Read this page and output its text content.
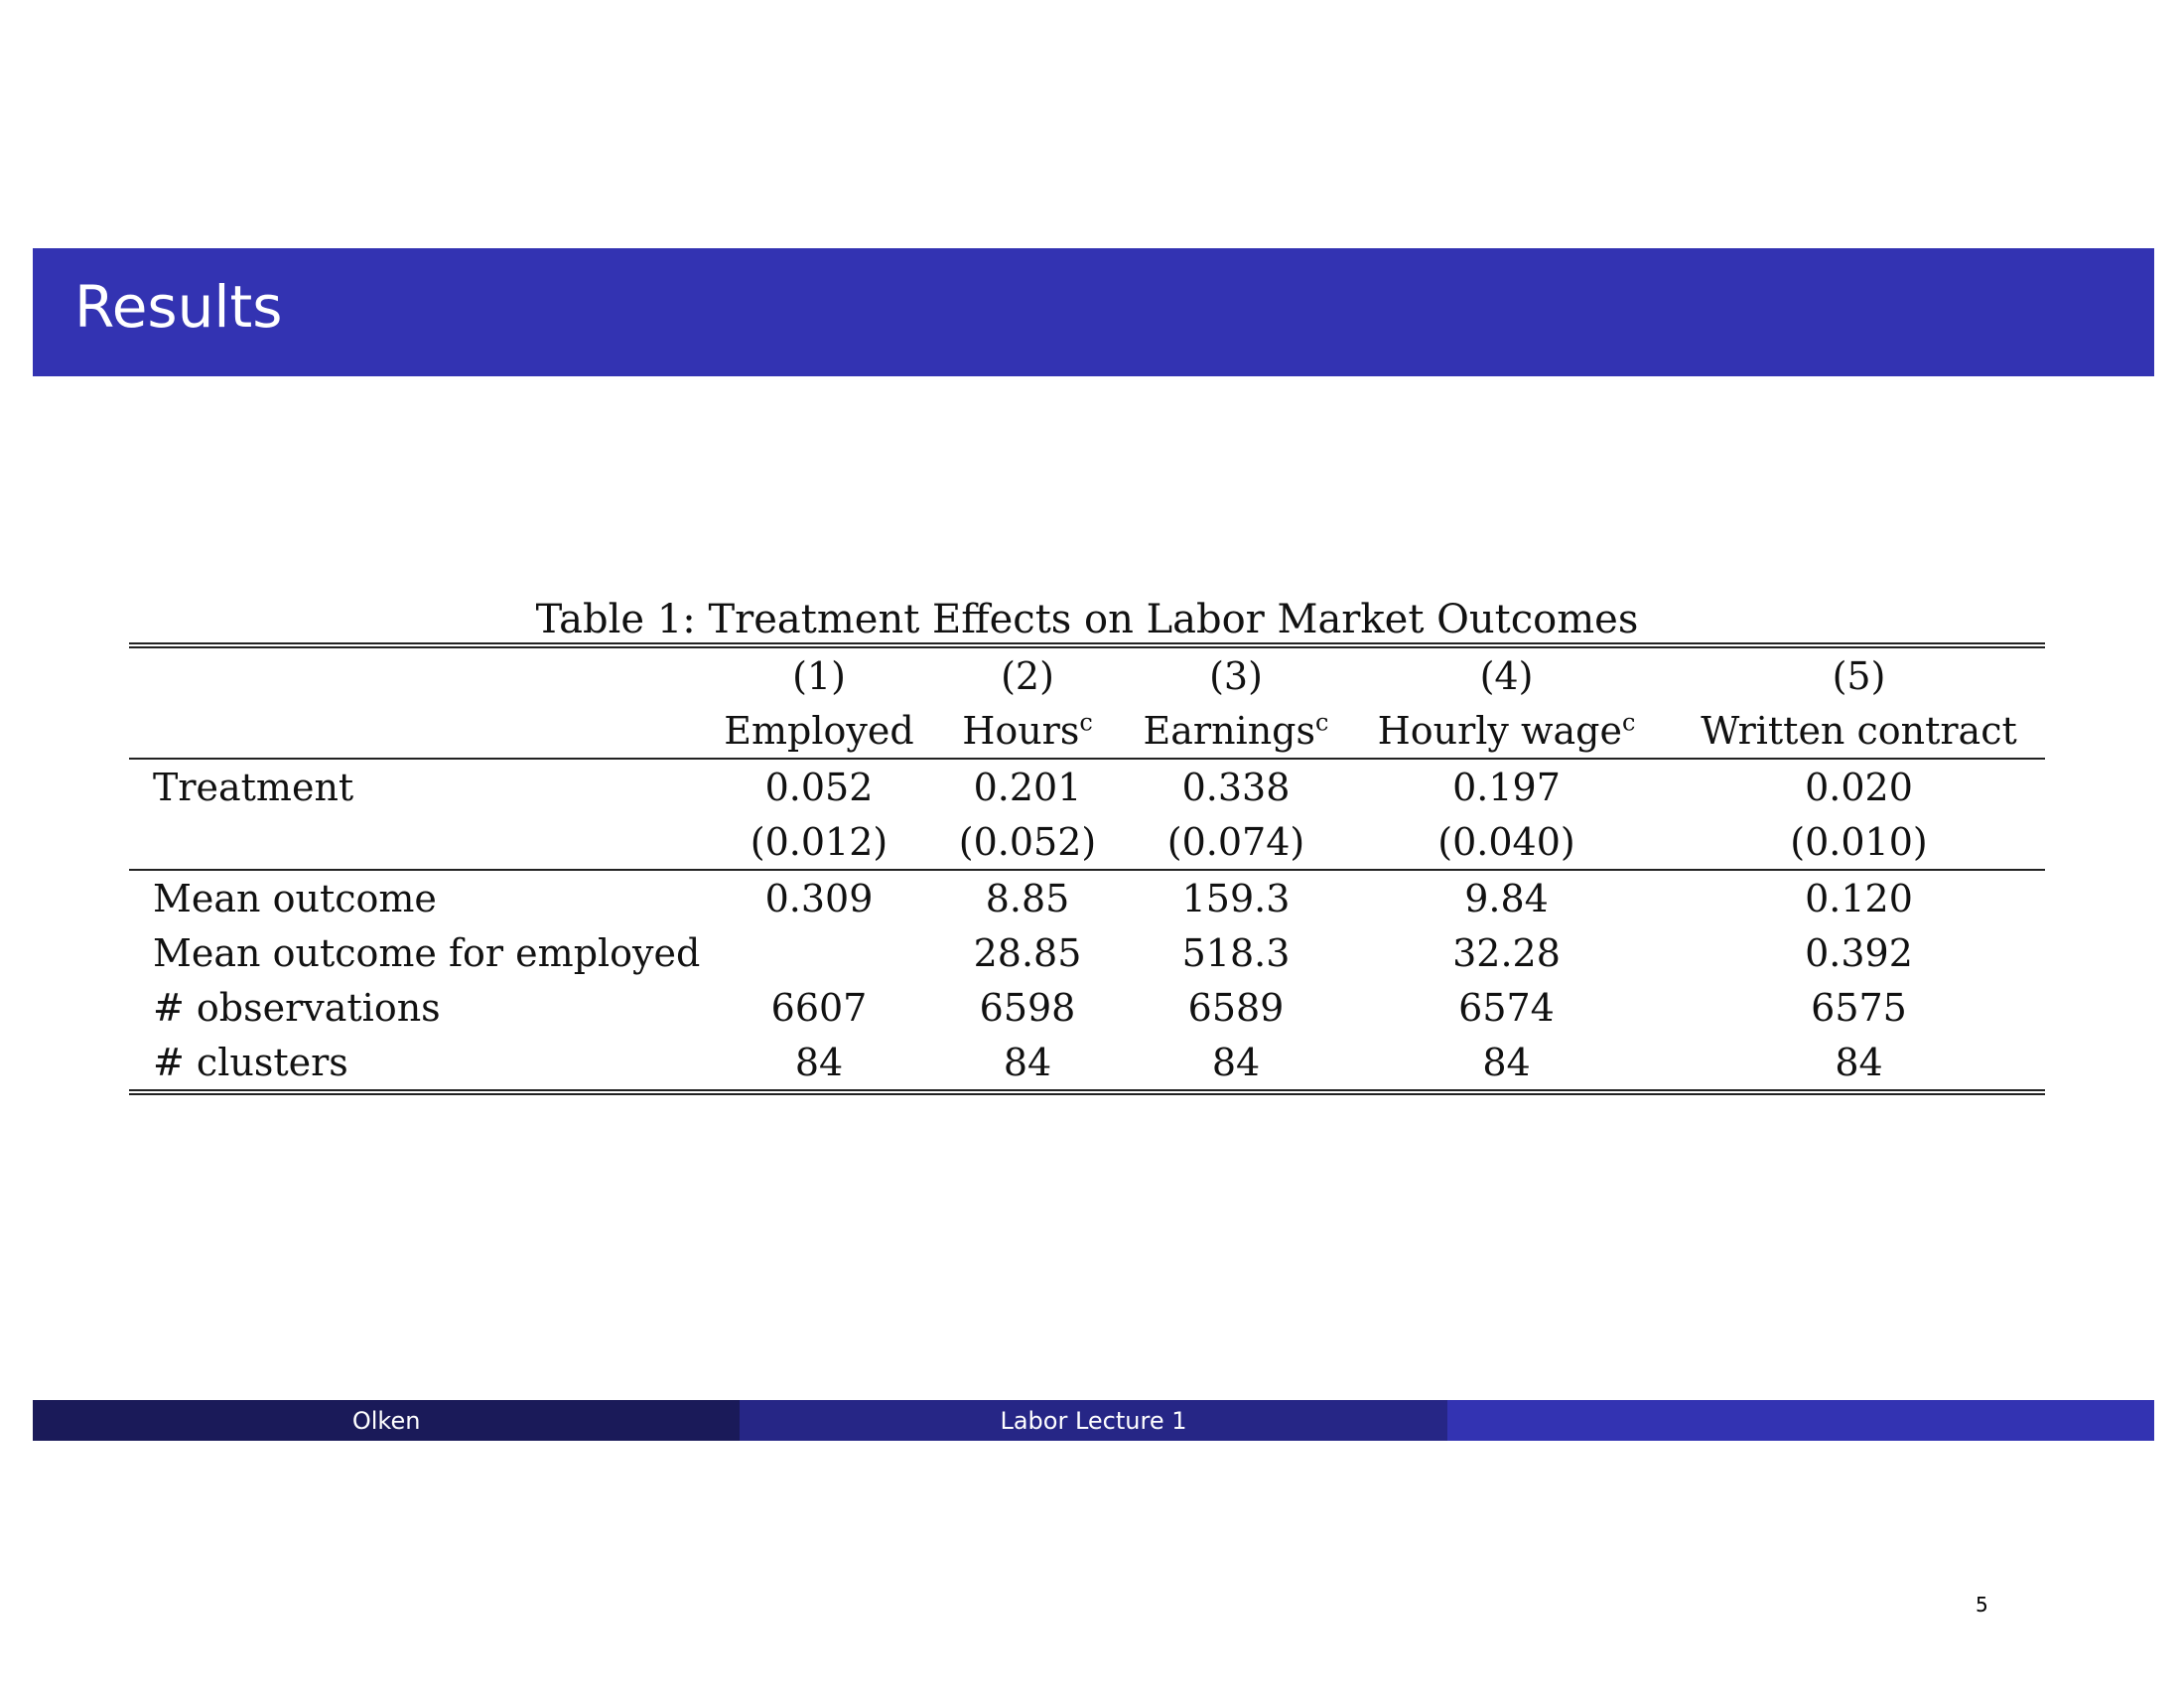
Results
Table 1: Treatment Effects on Labor Market Outcomes
	(1)	(2)	(3)	(4)	(5)
	Employed	Hours$^c$	Earnings$^c$	Hourly wage$^c$	Written contract
Treatment	0.052	0.201	0.338	0.197	0.020
	(0.012)	(0.052)	(0.074)	(0.040)	(0.010)
Mean outcome	0.309	8.85	159.3	9.84	0.120
Mean outcome for employed		28.85	518.3	32.28	0.392
# observations	6607	6598	6589	6574	6575
# clusters	84	84	84	84	84
Olken	Labor Lecture 1
5
